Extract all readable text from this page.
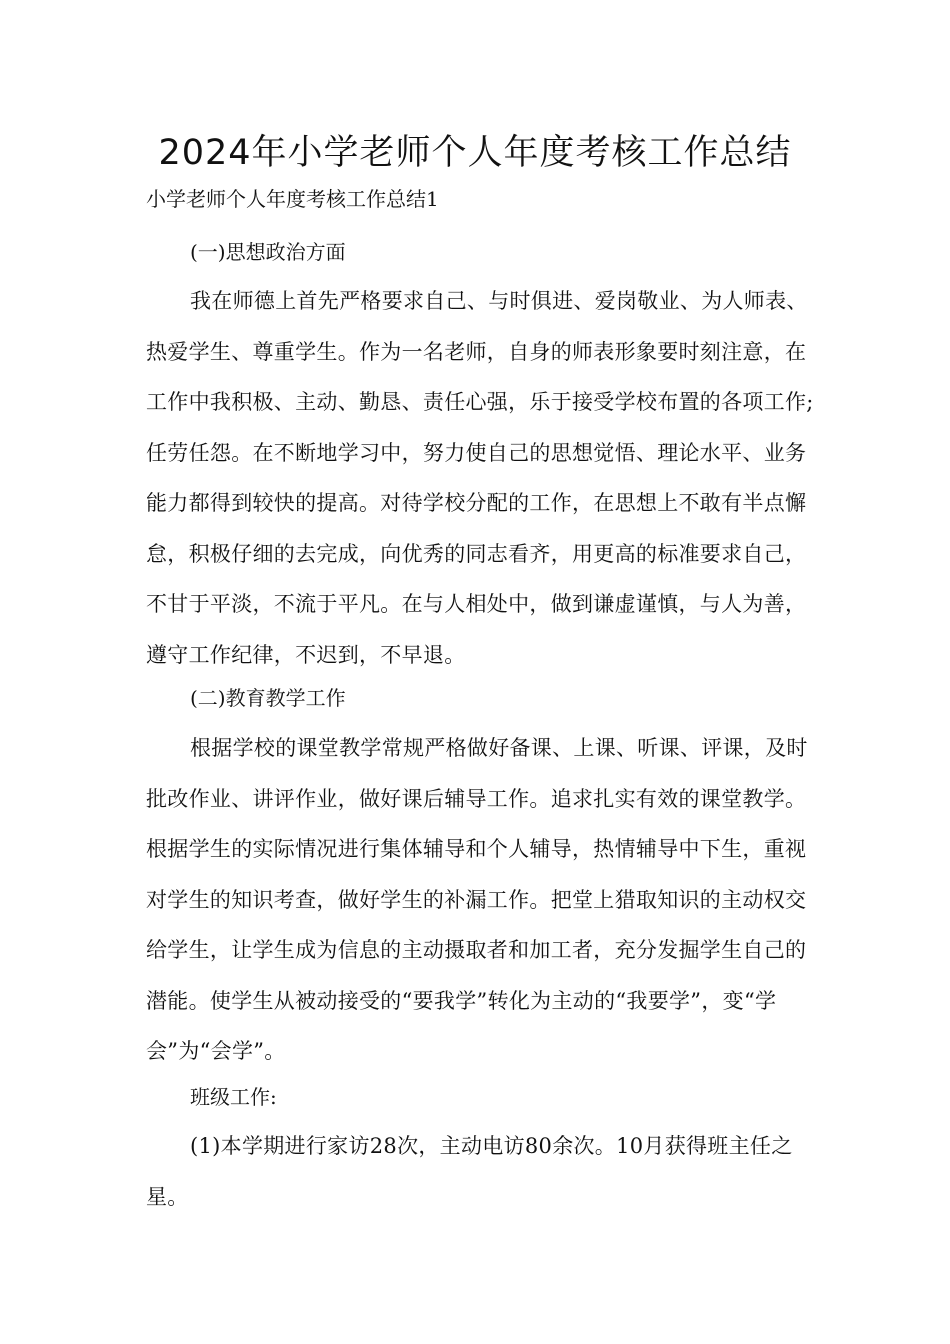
2024年小学老师个人年度考核工作总结

小学老师个人年度考核工作总结1

(一)思想政治方面

我在师德上首先严格要求自己、与时俱进、爱岗敬业、为人师表、热爱学生、尊重学生。作为一名老师，自身的师表形象要时刻注意，在工作中我积极、主动、勤恳、责任心强，乐于接受学校布置的各项工作;任劳任怨。在不断地学习中，努力使自己的思想觉悟、理论水平、业务能力都得到较快的提高。对待学校分配的工作，在思想上不敢有半点懈怠，积极仔细的去完成，向优秀的同志看齐，用更高的标准要求自己，不甘于平淡，不流于平凡。在与人相处中，做到谦虚谨慎，与人为善，遵守工作纪律，不迟到，不早退。

(二)教育教学工作

根据学校的课堂教学常规严格做好备课、上课、听课、评课，及时批改作业、讲评作业，做好课后辅导工作。追求扎实有效的课堂教学。根据学生的实际情况进行集体辅导和个人辅导，热情辅导中下生，重视对学生的知识考查，做好学生的补漏工作。把堂上猎取知识的主动权交给学生，让学生成为信息的主动摄取者和加工者，充分发掘学生自己的潜能。使学生从被动接受的“要我学”转化为主动的“我要学”，变“学会”为“会学”。

班级工作:

(1)本学期进行家访28次，主动电访80余次。10月获得班主任之星。
